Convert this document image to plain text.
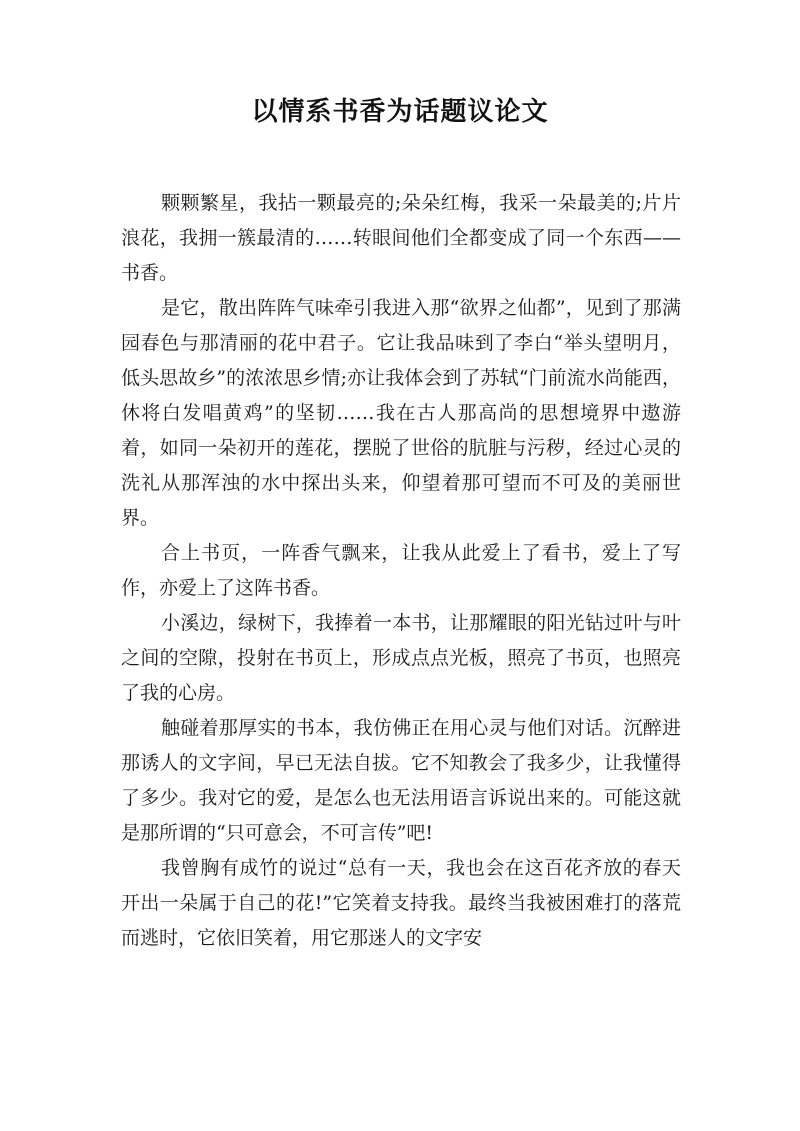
以情系书香为话题议论文

颗颗繁星，我拈一颗最亮的;朵朵红梅，我采一朵最美的;片片浪花，我拥一簇最清的……转眼间他们全都变成了同一个东西——书香。

是它，散出阵阵气味牵引我进入那“欲界之仙都”，见到了那满园春色与那清丽的花中君子。它让我品味到了李白“举头望明月，低头思故乡”的浓浓思乡情;亦让我体会到了苏轼“门前流水尚能西，休将白发唱黄鸡”的坚韧……我在古人那高尚的思想境界中遨游着，如同一朵初开的莲花，摆脱了世俗的肮脏与污秽，经过心灵的洗礼从那浑浊的水中探出头来，仰望着那可望而不可及的美丽世界。

合上书页，一阵香气飘来，让我从此爱上了看书，爱上了写作，亦爱上了这阵书香。

小溪边，绿树下，我捧着一本书，让那耀眼的阳光钻过叶与叶之间的空隙，投射在书页上，形成点点光板，照亮了书页，也照亮了我的心房。

触碰着那厚实的书本，我仿佛正在用心灵与他们对话。沉醉进那诱人的文字间，早已无法自拔。它不知教会了我多少，让我懂得了多少。我对它的爱，是怎么也无法用语言诉说出来的。可能这就是那所谓的“只可意会，不可言传”吧!

我曾胸有成竹的说过“总有一天，我也会在这百花齐放的春天开出一朵属于自己的花!”它笑着支持我。最终当我被困难打的落荒而逃时，它依旧笑着，用它那迷人的文字安
